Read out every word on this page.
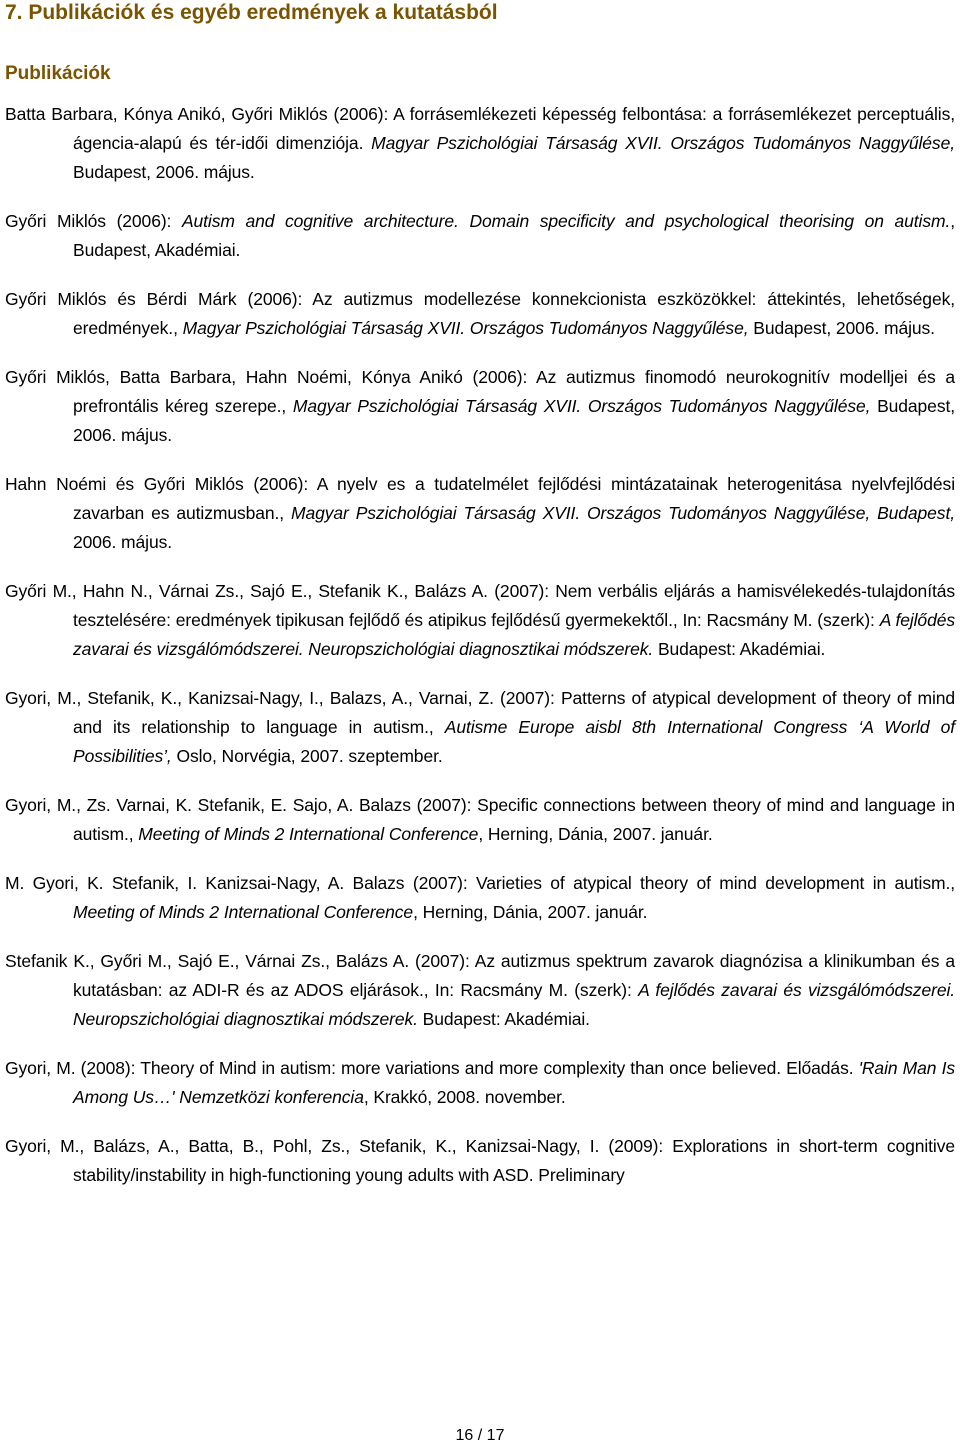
7. Publikációk és egyéb eredmények a kutatásból
Publikációk

Batta Barbara, Kónya Anikó, Győri Miklós (2006): A forrásemlékezeti képesség felbontása: a forrásemlékezet perceptuális, ágencia-alapú és tér-idői dimenziója. Magyar Pszichológiai Társaság XVII. Országos Tudományos Naggyűlése, Budapest, 2006. május.

Győri Miklós (2006): Autism and cognitive architecture. Domain specificity and psychological theorising on autism., Budapest, Akadémiai.

Győri Miklós és Bérdi Márk (2006): Az autizmus modellezése konnekcionista eszközökkel: áttekintés, lehetőségek, eredmények., Magyar Pszichológiai Társaság XVII. Országos Tudományos Naggyűlése, Budapest, 2006. május.

Győri Miklós, Batta Barbara, Hahn Noémi, Kónya Anikó (2006): Az autizmus finomodó neurokognitív modelljei és a prefrontális kéreg szerepe., Magyar Pszichológiai Társaság XVII. Országos Tudományos Naggyűlése, Budapest, 2006. május.

Hahn Noémi és Győri Miklós (2006): A nyelv es a tudatelmélet fejlődési mintázatainak heterogenitása nyelvfejlődési zavarban es autizmusban., Magyar Pszichológiai Társaság XVII. Országos Tudományos Naggyűlése, Budapest, 2006. május.

Győri M., Hahn N., Várnai Zs., Sajó E., Stefanik K., Balázs A. (2007): Nem verbális eljárás a hamisvélekedés-tulajdonítás tesztelésére: eredmények tipikusan fejlődő és atipikus fejlődésű gyermekektől., In: Racsmány M. (szerk): A fejlődés zavarai és vizsgálómódszerei. Neuropszichológiai diagnosztikai módszerek. Budapest: Akadémiai.

Gyori, M., Stefanik, K., Kanizsai-Nagy, I., Balazs, A., Varnai, Z. (2007): Patterns of atypical development of theory of mind and its relationship to language in autism., Autisme Europe aisbl 8th International Congress ‘A World of Possibilities’, Oslo, Norvégia, 2007. szeptember.

Gyori, M., Zs. Varnai, K. Stefanik, E. Sajo, A. Balazs (2007): Specific connections between theory of mind and language in autism., Meeting of Minds 2 International Conference, Herning, Dánia, 2007. január.

M. Gyori, K. Stefanik, I. Kanizsai-Nagy, A. Balazs (2007): Varieties of atypical theory of mind development in autism., Meeting of Minds 2 International Conference, Herning, Dánia, 2007. január.

Stefanik K., Győri M., Sajó E., Várnai Zs., Balázs A. (2007): Az autizmus spektrum zavarok diagnózisa a klinikumban és a kutatásban: az ADI-R és az ADOS eljárások., In: Racsmány M. (szerk): A fejlődés zavarai és vizsgálómódszerei. Neuropszichológiai diagnosztikai módszerek. Budapest: Akadémiai.

Gyori, M. (2008): Theory of Mind in autism: more variations and more complexity than once believed. Előadás. 'Rain Man Is Among Us…' Nemzetközi konferencia, Krakkó, 2008. november.

Gyori, M., Balázs, A., Batta, B., Pohl, Zs., Stefanik, K., Kanizsai-Nagy, I. (2009): Explorations in short-term cognitive stability/instability in high-functioning young adults with ASD. Preliminary

16 / 17
